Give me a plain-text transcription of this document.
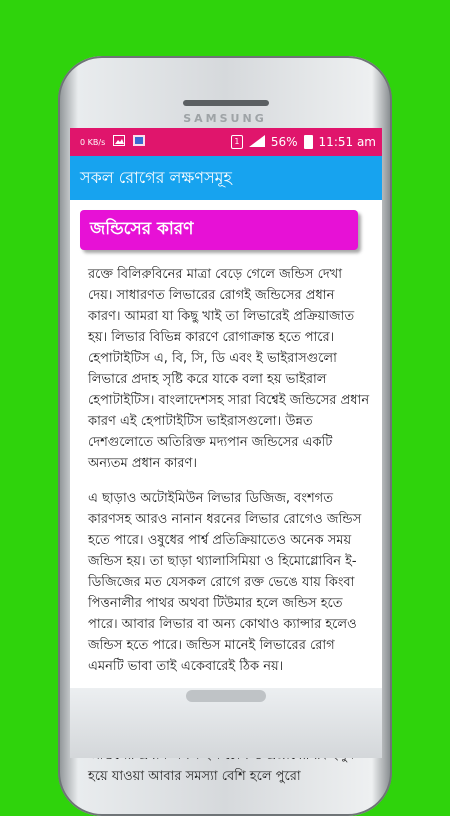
SAMSUNG
0 KB/s	1	56% 11:51 am
সকল রোগের লক্ষণসমূহ
জন্ডিসের কারণ

রক্তে বিলিরুবিনের মাত্রা বেড়ে গেলে জন্ডিস দেখা দেয়। সাধারণত লিভারের রোগই জন্ডিসের প্রধান কারণ। আমরা যা কিছু খাই তা লিভারেই প্রক্রিয়াজাত হয়। লিভার বিভিন্ন কারণে রোগাক্রান্ত হতে পারে। হেপাটাইটিস এ, বি, সি, ডি এবং ই ভাইরাসগুলো লিভারে প্রদাহ সৃষ্টি করে যাকে বলা হয় ভাইরাল হেপাটাইটিস। বাংলাদেশসহ সারা বিশ্বেই জন্ডিসের প্রধান কারণ এই হেপাটাইটিস ভাইরাসগুলো। উন্নত দেশগুলোতে অতিরিক্ত মদ্যপান জন্ডিসের একটি অন্যতম প্রধান কারণ।

এ ছাড়াও অটোইমিউন লিভার ডিজিজ, বংশগত কারণসহ আরও নানান ধরনের লিভার রোগেও জন্ডিস হতে পারে। ওষুধের পার্শ্ব প্রতিক্রিয়াতেও অনেক সময় জন্ডিস হয়। তা ছাড়া থ্যালাসিমিয়া ও হিমোগ্লোবিন ই-ডিজিজের মত যেসকল রোগে রক্ত ভেঙে যায় কিংবা পিত্তনালীর পাথর অথবা টিউমার হলে জন্ডিস হতে পারে। আবার লিভার বা অন্য কোথাও ক্যান্সার হলেও জন্ডিস হতে পারে। জন্ডিস মানেই লিভারের রোগ এমনটি ভাবা তাই একেবারেই ঠিক নয়।

হয়ে যাওয়া আবার সমস্যা বেশি হলে পুরো
